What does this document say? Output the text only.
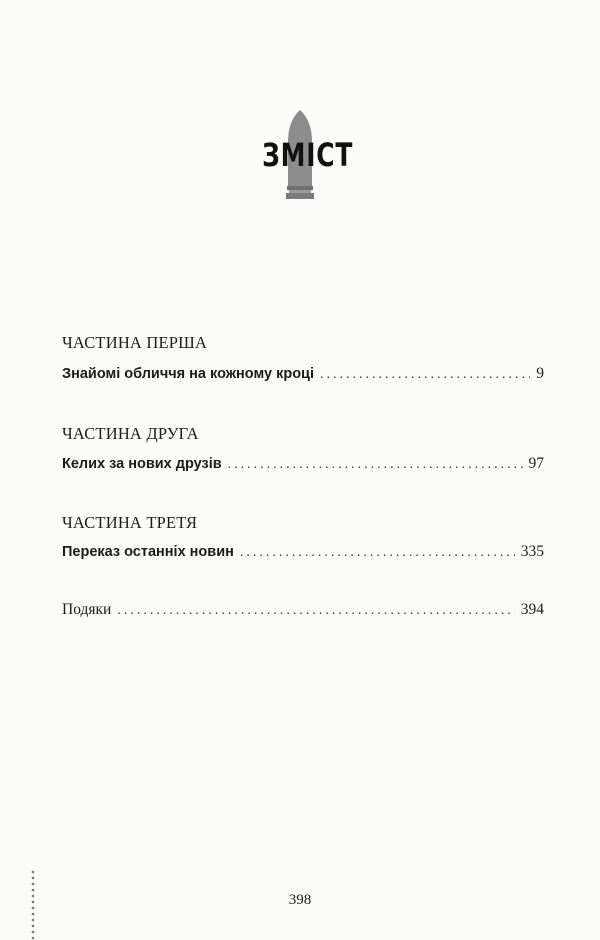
ЗМІСТ
ЧАСТИНА ПЕРША
Знайомі обличчя на кожному кроці .....	9
ЧАСТИНА ДРУГА
Келих за нових друзів .....	97
ЧАСТИНА ТРЕТЯ
Переказ останніх новин .....	335
Подяки .....	394
398
